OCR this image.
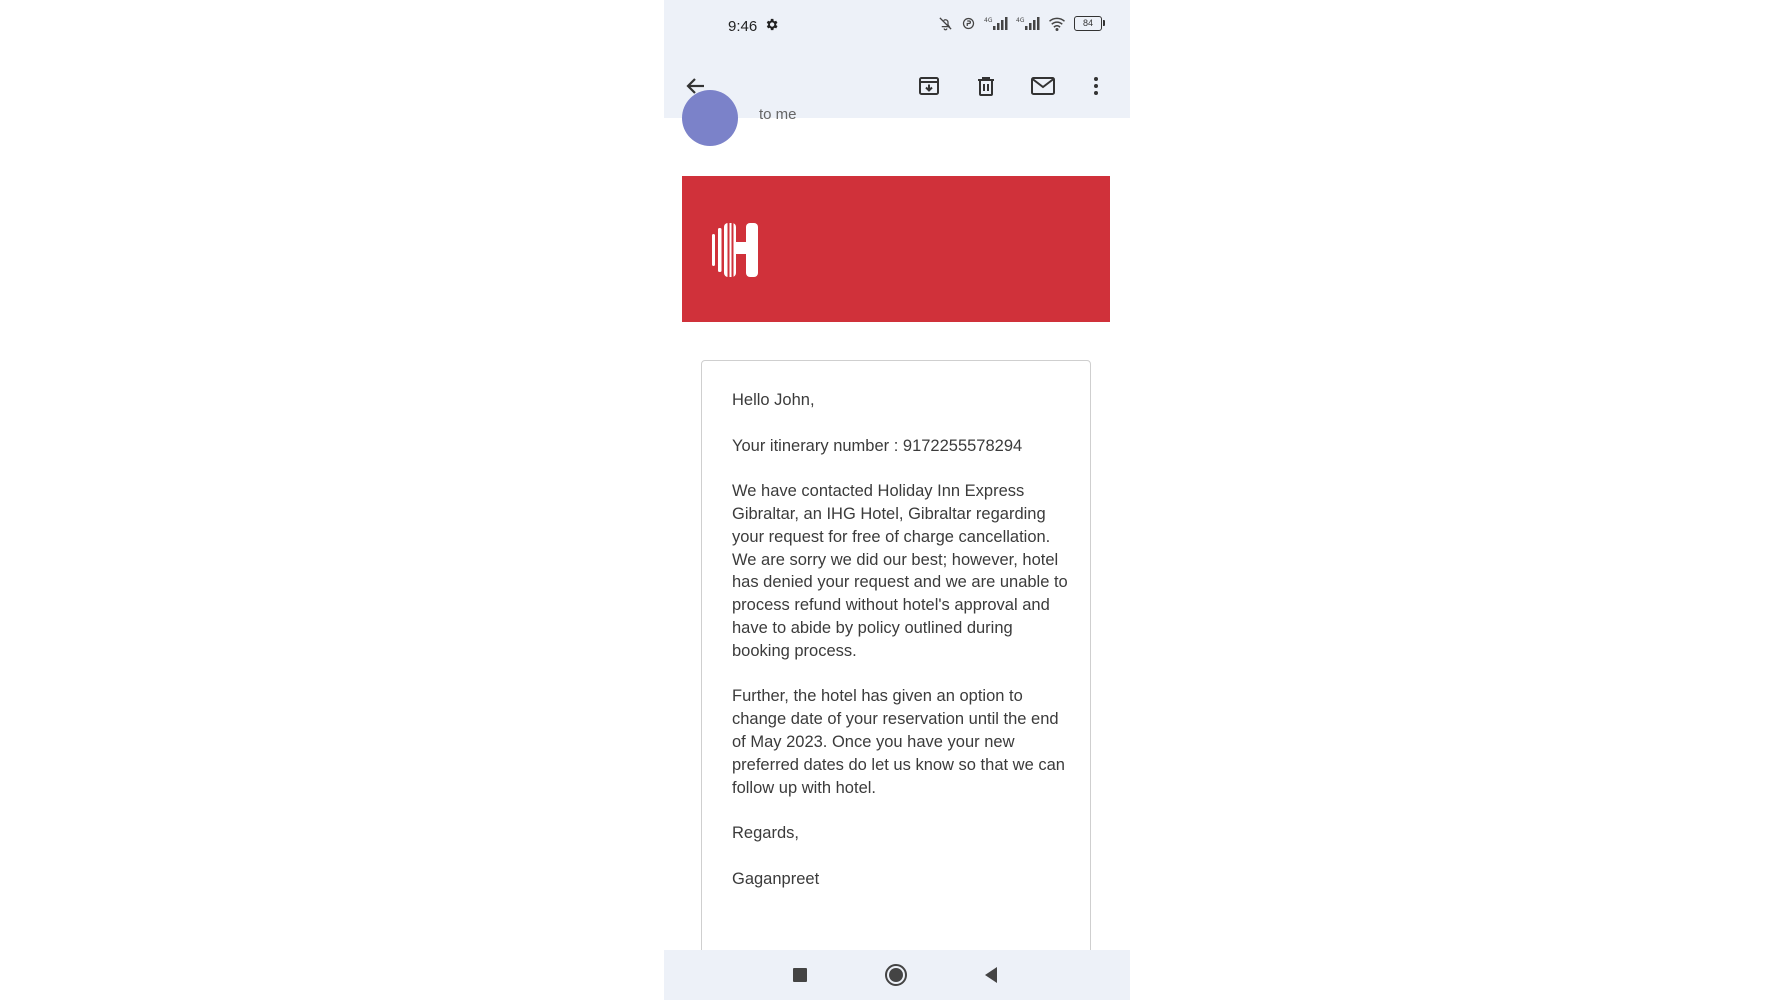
9:46	4G	4G	84
to me

Hello John,

Your itinerary number : 9172255578294

We have contacted Holiday Inn Express Gibraltar, an IHG Hotel, Gibraltar regarding your request for free of charge cancellation. We are sorry we did our best; however, hotel has denied your request and we are unable to process refund without hotel's approval and have to abide by policy outlined during booking process.

Further, the hotel has given an option to change date of your reservation until the end of May 2023. Once you have your new preferred dates do let us know so that we can follow up with hotel.

Regards,

Gaganpreet
